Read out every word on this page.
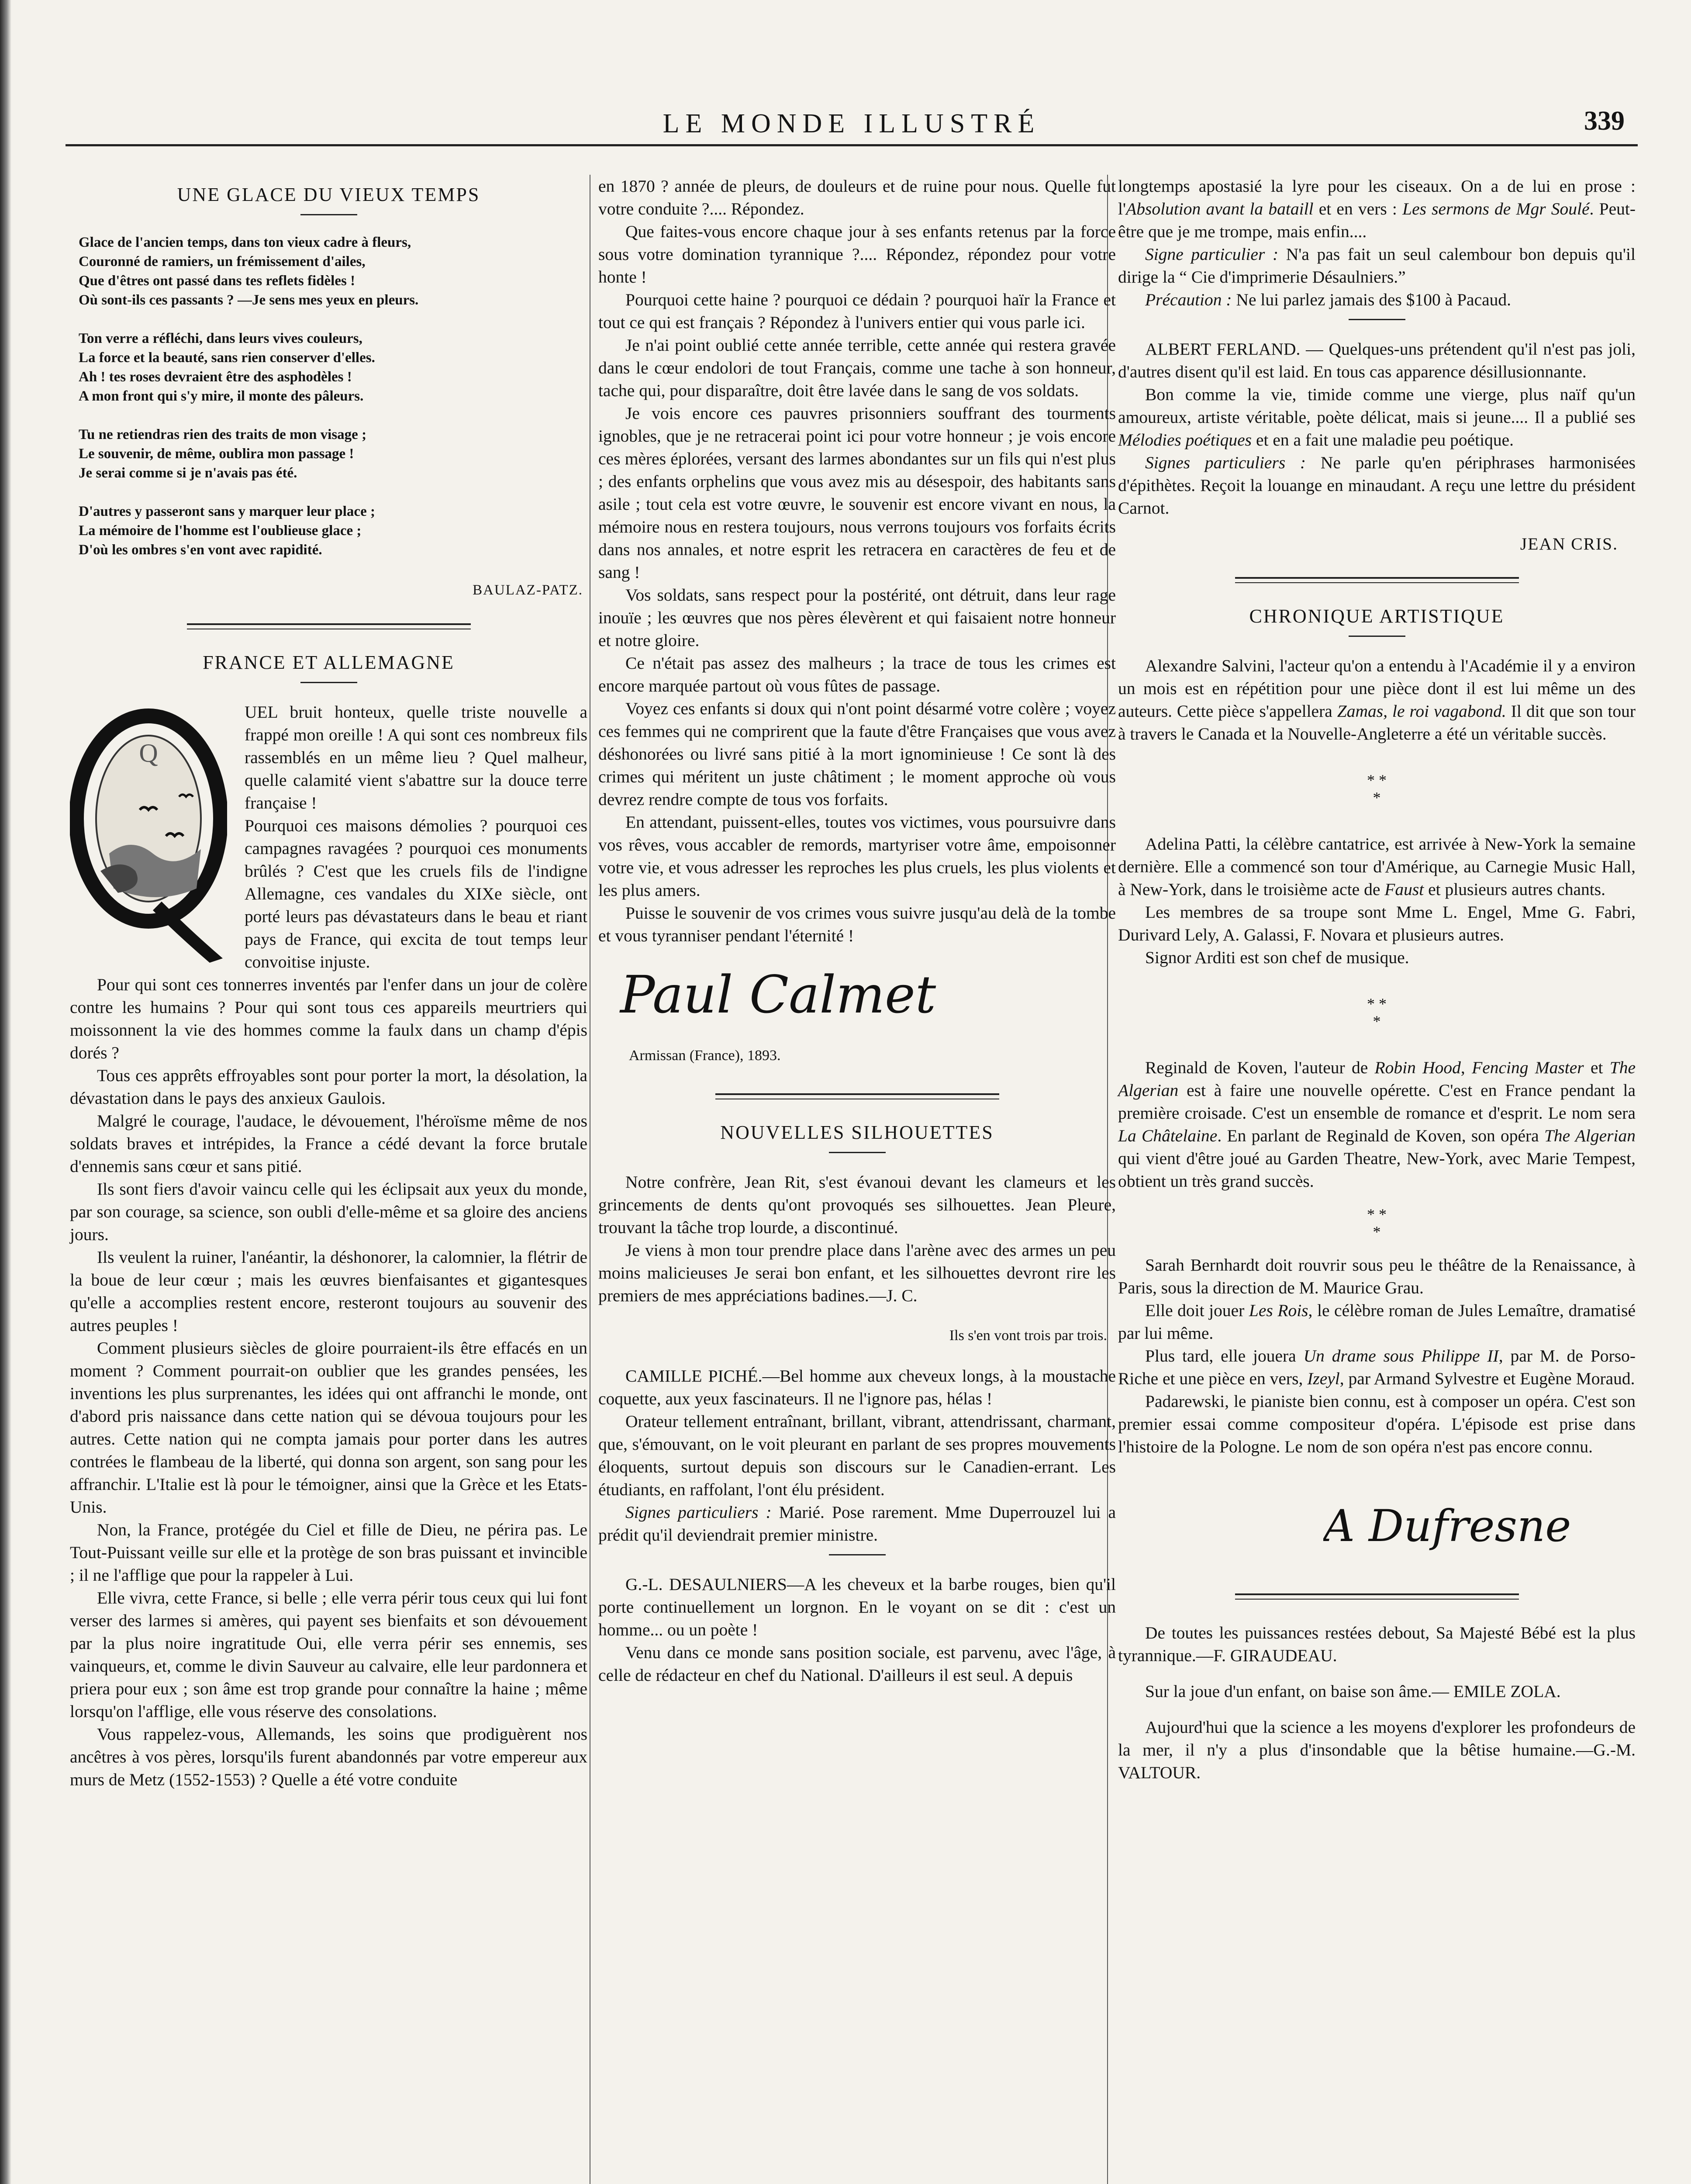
LE MONDE ILLUSTRÉ	339
UNE GLACE DU VIEUX TEMPS
Glace de l'ancien temps, dans ton vieux cadre à fleurs,
Couronné de ramiers, un frémissement d'ailes,
Que d'êtres ont passé dans tes reflets fidèles !
Où sont-ils ces passants ? —Je sens mes yeux en pleurs.
Ton verre a réfléchi, dans leurs vives couleurs,
La force et la beauté, sans rien conserver d'elles.
Ah ! tes roses devraient être des asphodèles !
A mon front qui s'y mire, il monte des pâleurs.
Tu ne retiendras rien des traits de mon visage ;
Le souvenir, de même, oublira mon passage !
Je serai comme si je n'avais pas été.
D'autres y passeront sans y marquer leur place ;
La mémoire de l'homme est l'oublieuse glace ;
D'où les ombres s'en vont avec rapidité.
BAULAZ-PATZ.
FRANCE ET ALLEMAGNE
Q

UEL bruit honteux, quelle triste nouvelle a frappé mon oreille ! A qui sont ces nombreux fils rassemblés en un même lieu ? Quel malheur, quelle calamité vient s'abattre sur la douce terre française !

Pourquoi ces maisons démolies ? pourquoi ces campagnes ravagées ? pourquoi ces monuments brûlés ? C'est que les cruels fils de l'indigne Allemagne, ces vandales du XIXe siècle, ont porté leurs pas dévastateurs dans le beau et riant pays de France, qui excita de tout temps leur convoitise injuste.

Pour qui sont ces tonnerres inventés par l'enfer dans un jour de colère contre les humains ? Pour qui sont tous ces appareils meurtriers qui moissonnent la vie des hommes comme la faulx dans un champ d'épis dorés ?

Tous ces apprêts effroyables sont pour porter la mort, la désolation, la dévastation dans le pays des anxieux Gaulois.

Malgré le courage, l'audace, le dévouement, l'héroïsme même de nos soldats braves et intrépides, la France a cédé devant la force brutale d'ennemis sans cœur et sans pitié.

Ils sont fiers d'avoir vaincu celle qui les éclipsait aux yeux du monde, par son courage, sa science, son oubli d'elle-même et sa gloire des anciens jours.

Ils veulent la ruiner, l'anéantir, la déshonorer, la calomnier, la flétrir de la boue de leur cœur ; mais les œuvres bienfaisantes et gigantesques qu'elle a accomplies restent encore, resteront toujours au souvenir des autres peuples !

Comment plusieurs siècles de gloire pourraient-ils être effacés en un moment ? Comment pourrait-on oublier que les grandes pensées, les inventions les plus surprenantes, les idées qui ont affranchi le monde, ont d'abord pris naissance dans cette nation qui se dévoua toujours pour les autres. Cette nation qui ne compta jamais pour porter dans les autres contrées le flambeau de la liberté, qui donna son argent, son sang pour les affranchir. L'Italie est là pour le témoigner, ainsi que la Grèce et les Etats-Unis.

Non, la France, protégée du Ciel et fille de Dieu, ne périra pas. Le Tout-Puissant veille sur elle et la protège de son bras puissant et invincible ; il ne l'afflige que pour la rappeler à Lui.

Elle vivra, cette France, si belle ; elle verra périr tous ceux qui lui font verser des larmes si amères, qui payent ses bienfaits et son dévouement par la plus noire ingratitude Oui, elle verra périr ses ennemis, ses vainqueurs, et, comme le divin Sauveur au calvaire, elle leur pardonnera et priera pour eux ; son âme est trop grande pour connaître la haine ; même lorsqu'on l'afflige, elle vous réserve des consolations.

Vous rappelez-vous, Allemands, les soins que prodiguèrent nos ancêtres à vos pères, lorsqu'ils furent abandonnés par votre empereur aux murs de Metz (1552-1553) ? Quelle a été votre conduite

en 1870 ? année de pleurs, de douleurs et de ruine pour nous. Quelle fut votre conduite ?.... Répondez.

Que faites-vous encore chaque jour à ses enfants retenus par la force sous votre domination tyrannique ?.... Répondez, répondez pour votre honte !

Pourquoi cette haine ? pourquoi ce dédain ? pourquoi haïr la France et tout ce qui est français ? Répondez à l'univers entier qui vous parle ici.

Je n'ai point oublié cette année terrible, cette année qui restera gravée dans le cœur endolori de tout Français, comme une tache à son honneur, tache qui, pour disparaître, doit être lavée dans le sang de vos soldats.

Je vois encore ces pauvres prisonniers souffrant des tourments ignobles, que je ne retracerai point ici pour votre honneur ; je vois encore ces mères éplorées, versant des larmes abondantes sur un fils qui n'est plus ; des enfants orphelins que vous avez mis au désespoir, des habitants sans asile ; tout cela est votre œuvre, le souvenir est encore vivant en nous, la mémoire nous en restera toujours, nous verrons toujours vos forfaits écrits dans nos annales, et notre esprit les retracera en caractères de feu et de sang !

Vos soldats, sans respect pour la postérité, ont détruit, dans leur rage inouïe ; les œuvres que nos pères élevèrent et qui faisaient notre honneur et notre gloire.

Ce n'était pas assez des malheurs ; la trace de tous les crimes est encore marquée partout où vous fûtes de passage.

Voyez ces enfants si doux qui n'ont point désarmé votre colère ; voyez ces femmes qui ne comprirent que la faute d'être Françaises que vous avez déshonorées ou livré sans pitié à la mort ignominieuse ! Ce sont là des crimes qui méritent un juste châtiment ; le moment approche où vous devrez rendre compte de tous vos forfaits.

En attendant, puissent-elles, toutes vos victimes, vous poursuivre dans vos rêves, vous accabler de remords, martyriser votre âme, empoisonner votre vie, et vous adresser les reproches les plus cruels, les plus violents et les plus amers.

Puisse le souvenir de vos crimes vous suivre jusqu'au delà de la tombe et vous tyranniser pendant l'éternité !

Paul Calmet
Armissan (France), 1893.
NOUVELLES SILHOUETTES

Notre confrère, Jean Rit, s'est évanoui devant les clameurs et les grincements de dents qu'ont provoqués ses silhouettes. Jean Pleure, trouvant la tâche trop lourde, a discontinué.

Je viens à mon tour prendre place dans l'arène avec des armes un peu moins malicieuses Je serai bon enfant, et les silhouettes devront rire les premiers de mes appréciations badines.—J. C.

Ils s'en vont trois par trois.

CAMILLE PICHÉ.—Bel homme aux cheveux longs, à la moustache coquette, aux yeux fascinateurs. Il ne l'ignore pas, hélas !

Orateur tellement entraînant, brillant, vibrant, attendrissant, charmant, que, s'émouvant, on le voit pleurant en parlant de ses propres mouvements éloquents, surtout depuis son discours sur le Canadien-errant. Les étudiants, en raffolant, l'ont élu président.

Signes particuliers : Marié. Pose rarement. Mme Duperrouzel lui a prédit qu'il deviendrait premier ministre.

G.-L. DESAULNIERS—A les cheveux et la barbe rouges, bien qu'il porte continuellement un lorgnon. En le voyant on se dit : c'est un homme... ou un poète !

Venu dans ce monde sans position sociale, est parvenu, avec l'âge, à celle de rédacteur en chef du National. D'ailleurs il est seul. A depuis

longtemps apostasié la lyre pour les ciseaux. On a de lui en prose : l'Absolution avant la bataill et en vers : Les sermons de Mgr Soulé. Peut-être que je me trompe, mais enfin....

Signe particulier : N'a pas fait un seul calembour bon depuis qu'il dirige la “ Cie d'imprimerie Désaulniers.”

Précaution : Ne lui parlez jamais des $100 à Pacaud.

ALBERT FERLAND. — Quelques-uns prétendent qu'il n'est pas joli, d'autres disent qu'il est laid. En tous cas apparence désillusionnante.

Bon comme la vie, timide comme une vierge, plus naïf qu'un amoureux, artiste véritable, poète délicat, mais si jeune.... Il a publié ses Mélodies poétiques et en a fait une maladie peu poétique.

Signes particuliers : Ne parle qu'en périphrases harmonisées d'épithètes. Reçoit la louange en minaudant. A reçu une lettre du président Carnot.

JEAN CRIS.
CHRONIQUE ARTISTIQUE

Alexandre Salvini, l'acteur qu'on a entendu à l'Académie il y a environ un mois est en répétition pour une pièce dont il est lui même un des auteurs. Cette pièce s'appellera Zamas, le roi vagabond. Il dit que son tour à travers le Canada et la Nouvelle-Angleterre a été un véritable succès.

* *
*

Adelina Patti, la célèbre cantatrice, est arrivée à New-York la semaine dernière. Elle a commencé son tour d'Amérique, au Carnegie Music Hall, à New-York, dans le troisième acte de Faust et plusieurs autres chants.

Les membres de sa troupe sont Mme L. Engel, Mme G. Fabri, Durivard Lely, A. Galassi, F. Novara et plusieurs autres.

Signor Arditi est son chef de musique.

* *
*

Reginald de Koven, l'auteur de Robin Hood, Fencing Master et The Algerian est à faire une nouvelle opérette. C'est en France pendant la première croisade. C'est un ensemble de romance et d'esprit. Le nom sera La Châtelaine. En parlant de Reginald de Koven, son opéra The Algerian qui vient d'être joué au Garden Theatre, New-York, avec Marie Tempest, obtient un très grand succès.

* *
*

Sarah Bernhardt doit rouvrir sous peu le théâtre de la Renaissance, à Paris, sous la direction de M. Maurice Grau.

Elle doit jouer Les Rois, le célèbre roman de Jules Lemaître, dramatisé par lui même.

Plus tard, elle jouera Un drame sous Philippe II, par M. de Porso-Riche et une pièce en vers, Izeyl, par Armand Sylvestre et Eugène Moraud.

Padarewski, le pianiste bien connu, est à composer un opéra. C'est son premier essai comme compositeur d'opéra. L'épisode est prise dans l'histoire de la Pologne. Le nom de son opéra n'est pas encore connu.

A Dufresne

De toutes les puissances restées debout, Sa Majesté Bébé est la plus tyrannique.—F. GIRAUDEAU.

Sur la joue d'un enfant, on baise son âme.— EMILE ZOLA.

Aujourd'hui que la science a les moyens d'explorer les profondeurs de la mer, il n'y a plus d'insondable que la bêtise humaine.—G.-M. VALTOUR.
